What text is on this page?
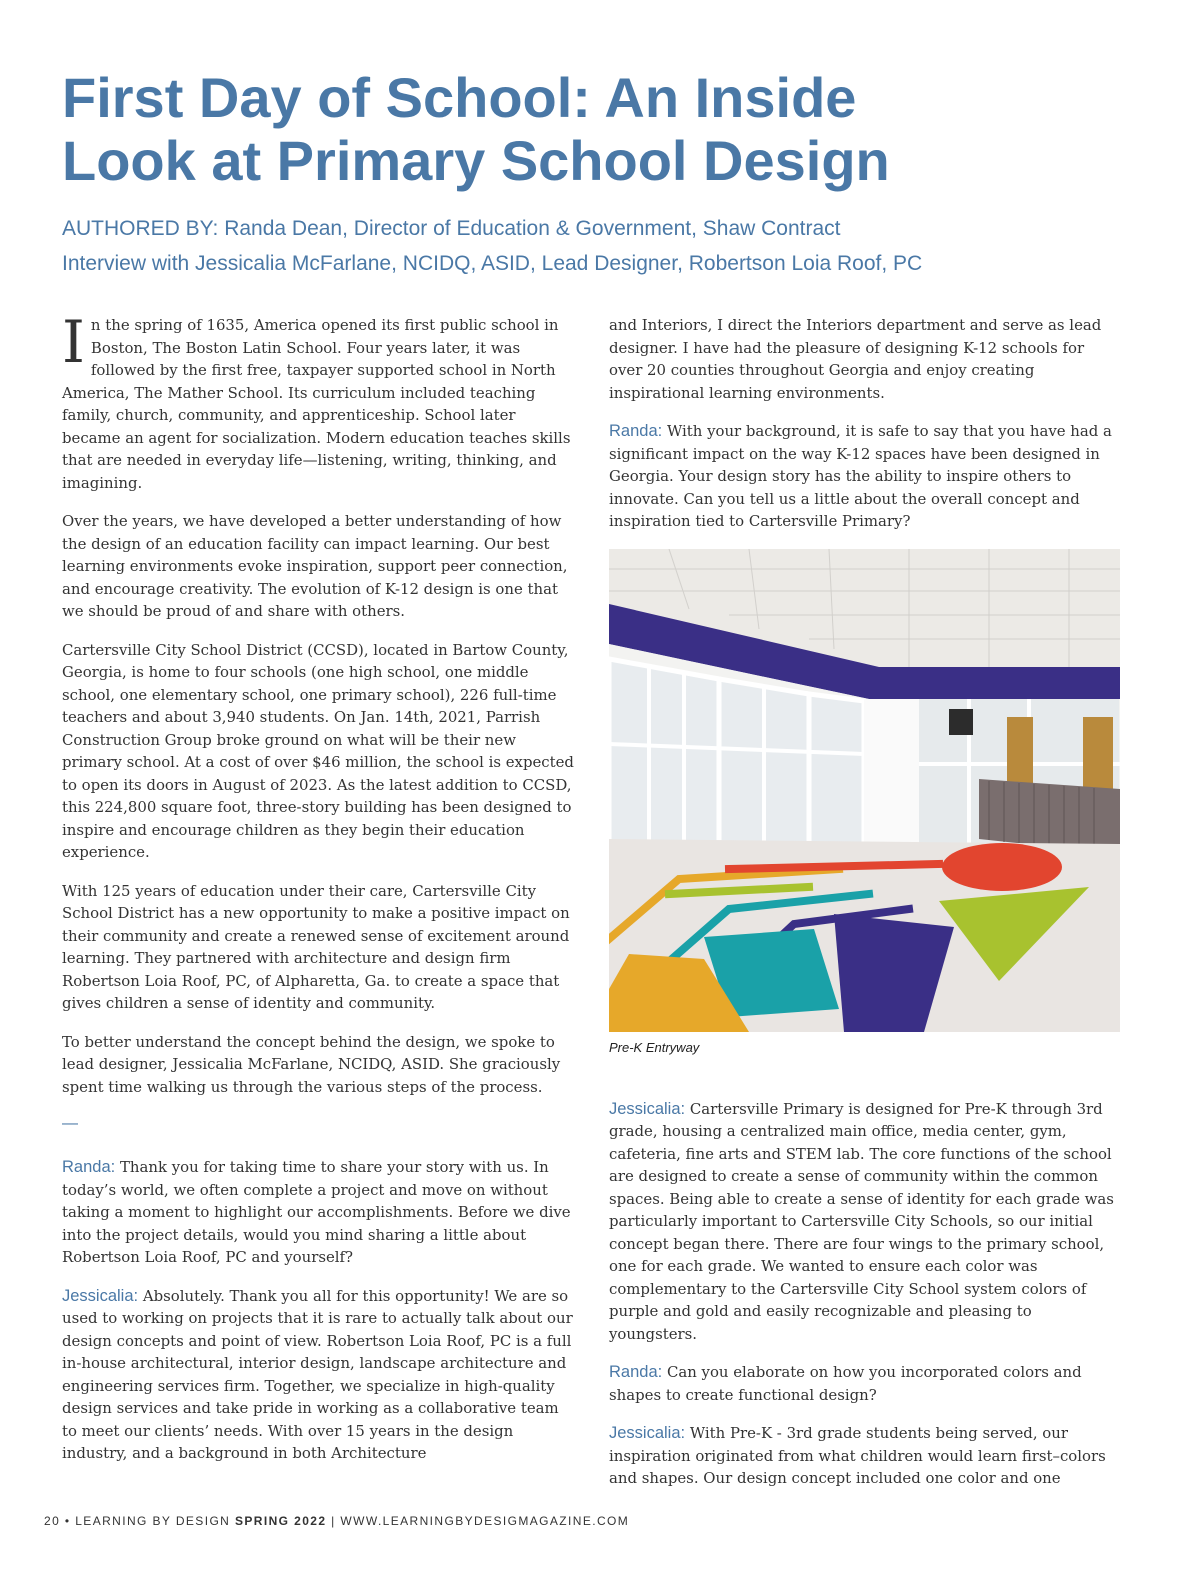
First Day of School: An Inside
Look at Primary School Design

AUTHORED BY: Randa Dean, Director of Education & Government, Shaw Contract

Interview with Jessicalia McFarlane, NCIDQ, ASID, Lead Designer, Robertson Loia Roof, PC

In the spring of 1635, America opened its first public school in Boston, The Boston Latin School. Four years later, it was followed by the first free, taxpayer supported school in North America, The Mather School. Its curriculum included teaching family, church, community, and apprenticeship. School later became an agent for socialization. Modern education teaches skills that are needed in everyday life—listening, writing, thinking, and imagining.

Over the years, we have developed a better understanding of how the design of an education facility can impact learning. Our best learning environments evoke inspiration, support peer connection, and encourage creativity. The evolution of K-12 design is one that we should be proud of and share with others.

Cartersville City School District (CCSD), located in Bartow County, Georgia, is home to four schools (one high school, one middle school, one elementary school, one primary school), 226 full-time teachers and about 3,940 students. On Jan. 14th, 2021, Parrish Construction Group broke ground on what will be their new primary school. At a cost of over $46 million, the school is expected to open its doors in August of 2023. As the latest addition to CCSD, this 224,800 square foot, three-story building has been designed to inspire and encourage children as they begin their education experience.

With 125 years of education under their care, Cartersville City School District has a new opportunity to make a positive impact on their community and create a renewed sense of excitement around learning. They partnered with architecture and design firm Robertson Loia Roof, PC, of Alpharetta, Ga. to create a space that gives children a sense of identity and community.

To better understand the concept behind the design, we spoke to lead designer, Jessicalia McFarlane, NCIDQ, ASID. She graciously spent time walking us through the various steps of the process.

—

Randa: Thank you for taking time to share your story with us. In today’s world, we often complete a project and move on without taking a moment to highlight our accomplishments. Before we dive into the project details, would you mind sharing a little about Robertson Loia Roof, PC and yourself?

Jessicalia: Absolutely. Thank you all for this opportunity! We are so used to working on projects that it is rare to actually talk about our design concepts and point of view. Robertson Loia Roof, PC is a full in-house architectural, interior design, landscape architecture and engineering services firm. Together, we specialize in high-quality design services and take pride in working as a collaborative team to meet our clients’ needs. With over 15 years in the design industry, and a background in both Architecture

and Interiors, I direct the Interiors department and serve as lead designer. I have had the pleasure of designing K-12 schools for over 20 counties throughout Georgia and enjoy creating inspirational learning environments.

Randa: With your background, it is safe to say that you have had a significant impact on the way K-12 spaces have been designed in Georgia. Your design story has the ability to inspire others to innovate. Can you tell us a little about the overall concept and inspiration tied to Cartersville Primary?

Pre-K Entryway

Jessicalia: Cartersville Primary is designed for Pre-K through 3rd grade, housing a centralized main office, media center, gym, cafeteria, fine arts and STEM lab. The core functions of the school are designed to create a sense of community within the common spaces. Being able to create a sense of identity for each grade was particularly important to Cartersville City Schools, so our initial concept began there. There are four wings to the primary school, one for each grade. We wanted to ensure each color was complementary to the Cartersville City School system colors of purple and gold and easily recognizable and pleasing to youngsters.

Randa: Can you elaborate on how you incorporated colors and shapes to create functional design?

Jessicalia: With Pre-K - 3rd grade students being served, our inspiration originated from what children would learn first–colors and shapes. Our design concept included one color and one

20 • LEARNING BY DESIGN SPRING 2022 | WWW.LEARNINGBYDESIGMAGAZINE.COM
